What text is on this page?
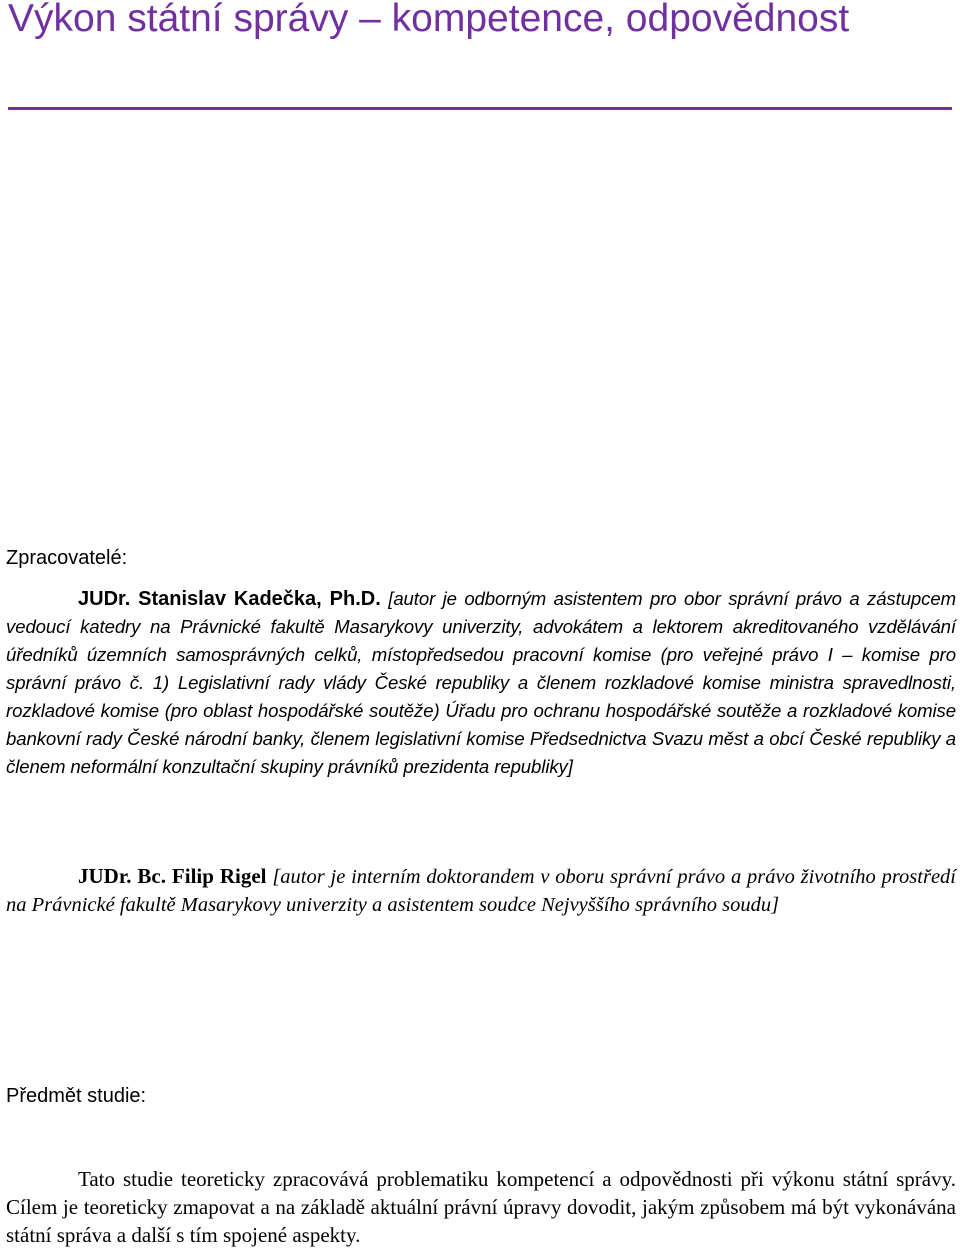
Výkon státní správy – kompetence, odpovědnost

Zpracovatelé:

JUDr. Stanislav Kadečka, Ph.D. [autor je odborným asistentem pro obor správní právo a zástupcem vedoucí katedry na Právnické fakultě Masarykovy univerzity, advokátem a lektorem akreditovaného vzdělávání úředníků územních samosprávných celků, místopředsedou pracovní komise (pro veřejné právo I – komise pro správní právo č. 1) Legislativní rady vlády České republiky a členem rozkladové komise ministra spravedlnosti, rozkladové komise (pro oblast hospodářské soutěže) Úřadu pro ochranu hospodářské soutěže a rozkladové komise bankovní rady České národní banky, členem legislativní komise Předsednictva Svazu měst a obcí České republiky a členem neformální konzultační skupiny právníků prezidenta republiky]

JUDr. Bc. Filip Rigel [autor je interním doktorandem v oboru správní právo a právo životního prostředí na Právnické fakultě Masarykovy univerzity a asistentem soudce Nejvyššího správního soudu]

Předmět studie:

Tato studie teoreticky zpracovává problematiku kompetencí a odpovědnosti při výkonu státní správy. Cílem je teoreticky zmapovat a na základě aktuální právní úpravy dovodit, jakým způsobem má být vykonávána státní správa a další s tím spojené aspekty.
